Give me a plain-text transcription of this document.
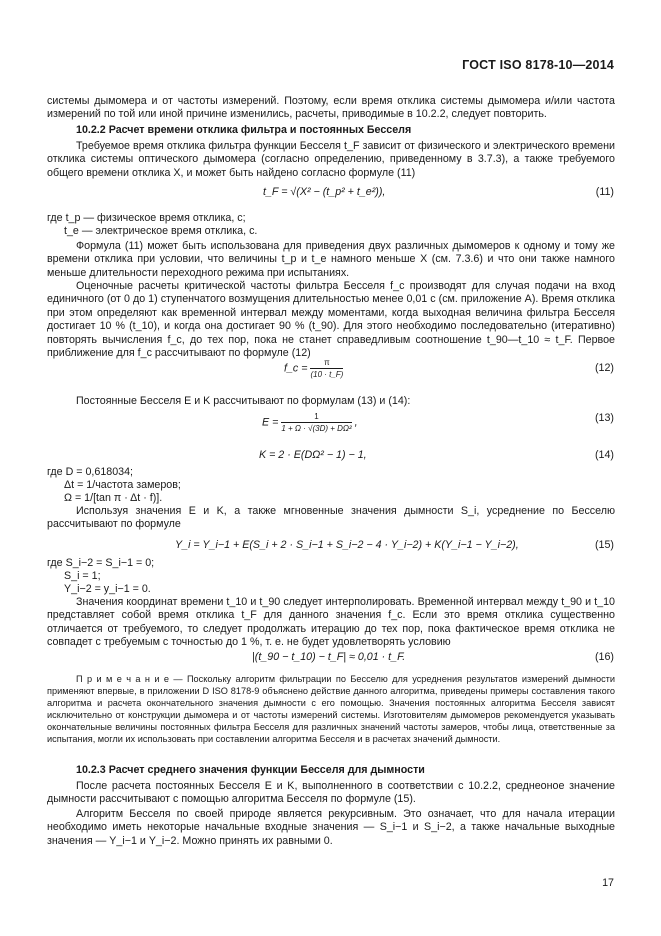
ГОСТ ISO 8178-10—2014
системы дымомера и от частоты измерений. Поэтому, если время отклика системы дымомера и/или частота измерений по той или иной причине изменились, расчеты, приводимые в 10.2.2, следует повторить.
10.2.2 Расчет времени отклика фильтра и постоянных Бесселя
Требуемое время отклика фильтра функции Бесселя t_F зависит от физического и электрического времени отклика системы оптического дымомера (согласно определению, приведенному в 3.7.3), а также требуемого общего времени отклика X, и может быть найдено согласно формуле (11)
t_F = √(X² − (t_p² + t_e²)),	(11)
где t_p — физическое время отклика, с;
t_e — электрическое время отклика, с.
Формула (11) может быть использована для приведения двух различных дымомеров к одному и тому же времени отклика при условии, что величины t_p и t_e намного меньше X (см. 7.3.6) и что они также намного меньше длительности переходного режима при испытаниях.
Оценочные расчеты критической частоты фильтра Бесселя f_c производят для случая подачи на вход единичного (от 0 до 1) ступенчатого возмущения длительностью менее 0,01 с (см. приложение А). Время отклика при этом определяют как временной интервал между моментами, когда выходная величина фильтра Бесселя достигает 10 % (t_10), и когда она достигает 90 % (t_90). Для этого необходимо последовательно (итеративно) повторять вычисления f_c, до тех пор, пока не станет справедливым соотношение t_90—t_10 ≈ t_F. Первое приближение для f_c рассчитывают по формуле (12)
f_c = $\frac{\pi}{(10 \cdot t\_F)}$	(12)
Постоянные Бесселя E и K рассчитывают по формулам (13) и (14):
$E = \frac{1}{\text{1 + Ω · √(3D) + DΩ²}}$ ,	(13)
K = 2 · E(DΩ² − 1) − 1,	(14)
где D = 0,618034;
Δt = 1/частота замеров;
Ω = 1/[tan π · Δt · f)].
Используя значения E и K, а также мгновенные значения дымности S_i, усреднение по Бесселю рассчитывают по формуле
Y_i = Y_i−1 + E(S_i + 2 · S_i−1 + S_i−2 − 4 · Y_i−2) + K(Y_i−1 − Y_i−2),	(15)
где S_i−2 = S_i−1 = 0;
S_i = 1;
Y_i−2 = y_i−1 = 0.
Значения координат времени t_10 и t_90 следует интерполировать. Временной интервал между t_90 и t_10 представляет собой время отклика t_F для данного значения f_c. Если это время отклика существенно отличается от требуемого, то следует продолжать итерацию до тех пор, пока фактическое время отклика не совпадет с требуемым с точностью до 1 %, т. е. не будет удовлетворять условию
|(t_90 − t_10) − t_F| ≈ 0,01 · t_F.	(16)
П р и м е ч а н и е — Поскольку алгоритм фильтрации по Бесселю для усреднения результатов измерений дымности применяют впервые, в приложении D ISO 8178-9 объяснено действие данного алгоритма, приведены примеры составления такого алгоритма и расчета окончательного значения дымности с его помощью. Значения постоянных алгоритма Бесселя зависят исключительно от конструкции дымомера и от частоты измерений системы. Изготовителям дымомеров рекомендуется указывать окончательные величины постоянных фильтра Бесселя для различных значений частоты замеров, чтобы лица, ответственные за испытания, могли их использовать при составлении алгоритма Бесселя и в расчетах значений дымности.
10.2.3 Расчет среднего значения функции Бесселя для дымности
После расчета постоянных Бесселя E и K, выполненного в соответствии с 10.2.2, среднеоное значение дымности рассчитывают с помощью алгоритма Бесселя по формуле (15).
Алгоритм Бесселя по своей природе является рекурсивным. Это означает, что для начала итерации необходимо иметь некоторые начальные входные значения — S_i−1 и S_i−2, а также начальные выходные значения — Y_i−1 и Y_i−2. Можно принять их равными 0.
17
